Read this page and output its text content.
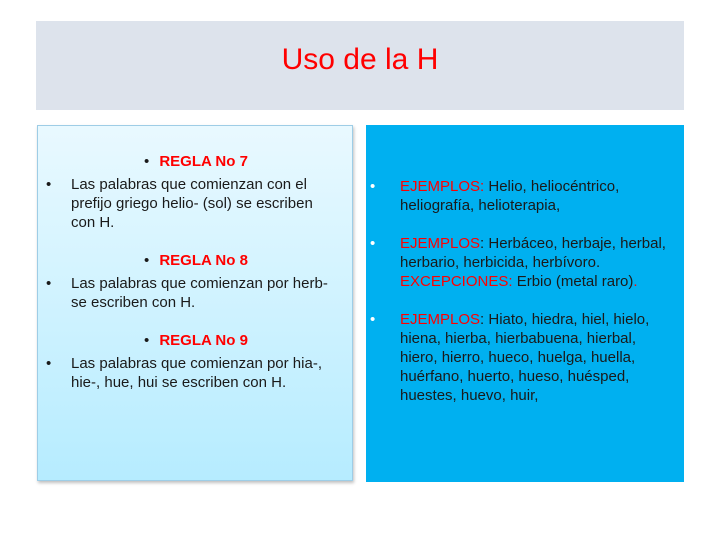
Uso de la H
• REGLA No 7
• Las palabras que comienzan con el prefijo griego helio- (sol) se escriben con H.
• REGLA No 8
• Las palabras que comienzan por herb- se escriben con H.
• REGLA No 9
• Las palabras que comienzan por hia-, hie-, hue, hui se escriben con H.
• EJEMPLOS: Helio, heliocéntrico, heliografía, helioterapia,
• EJEMPLOS: Herbáceo, herbaje, herbal, herbario, herbicida, herbívoro.
EXCEPCIONES: Erbio (metal raro).
• EJEMPLOS: Hiato, hiedra, hiel, hielo, hiena, hierba, hierbabuena, hierbal, hiero, hierro, hueco, huelga, huella, huérfano, huerto, hueso, huésped, huestes, huevo, huir,
